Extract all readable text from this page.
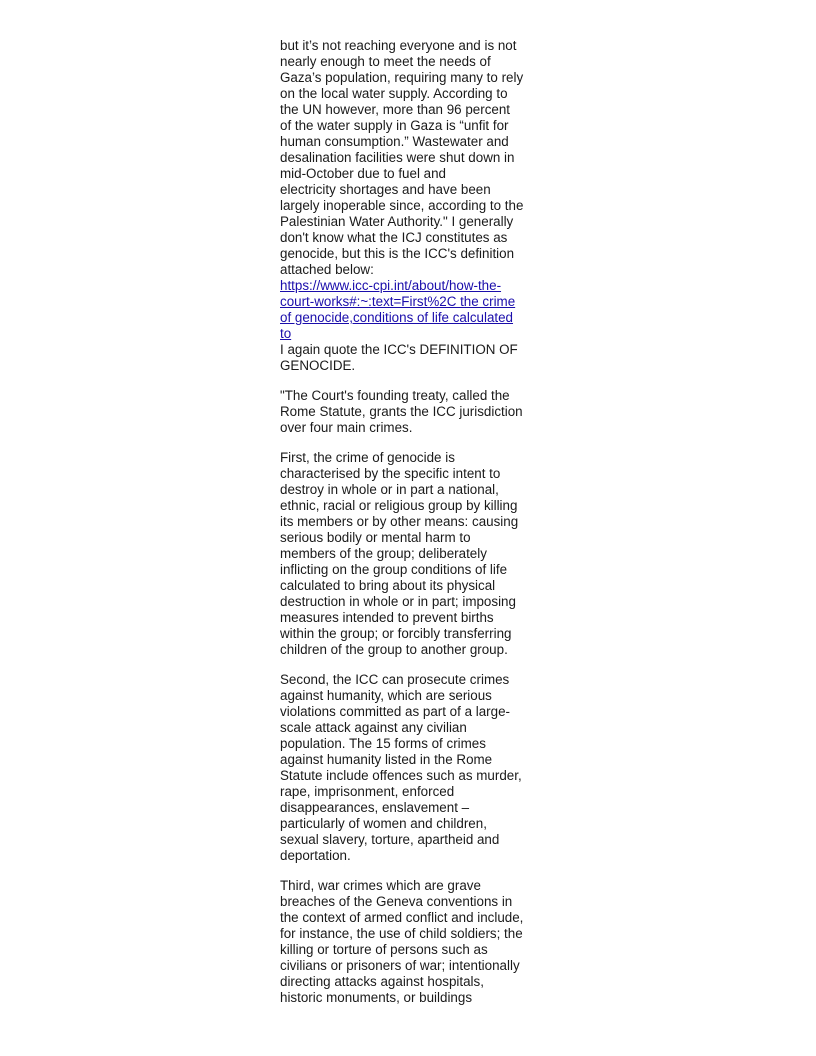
but it’s not reaching everyone and is not
nearly enough to meet the needs of
Gaza’s population, requiring many to rely
on the local water supply. According to
the UN however, more than 96 percent
of the water supply in Gaza is “unfit for
human consumption.” Wastewater and
desalination facilities were shut down in
mid-October due to fuel and
electricity shortages and have been
largely inoperable since, according to the
Palestinian Water Authority." I generally
don't know what the ICJ constitutes as
genocide, but this is the ICC's definition
attached below:

https://www.icc-cpi.int/about/how-the-
court-works#:~:text=First%2C the crime
of genocide,conditions of life calculated
to

I again quote the ICC's DEFINITION OF
GENOCIDE.

"The Court's founding treaty, called the
Rome Statute, grants the ICC jurisdiction
over four main crimes.

First, the crime of genocide is
characterised by the specific intent to
destroy in whole or in part a national,
ethnic, racial or religious group by killing
its members or by other means: causing
serious bodily or mental harm to
members of the group; deliberately
inflicting on the group conditions of life
calculated to bring about its physical
destruction in whole or in part; imposing
measures intended to prevent births
within the group; or forcibly transferring
children of the group to another group.

Second, the ICC can prosecute crimes
against humanity, which are serious
violations committed as part of a large-
scale attack against any civilian
population. The 15 forms of crimes
against humanity listed in the Rome
Statute include offences such as murder,
rape, imprisonment, enforced
disappearances, enslavement –
particularly of women and children,
sexual slavery, torture, apartheid and
deportation.

Third, war crimes which are grave
breaches of the Geneva conventions in
the context of armed conflict and include,
for instance, the use of child soldiers; the
killing or torture of persons such as
civilians or prisoners of war; intentionally
directing attacks against hospitals,
historic monuments, or buildings
